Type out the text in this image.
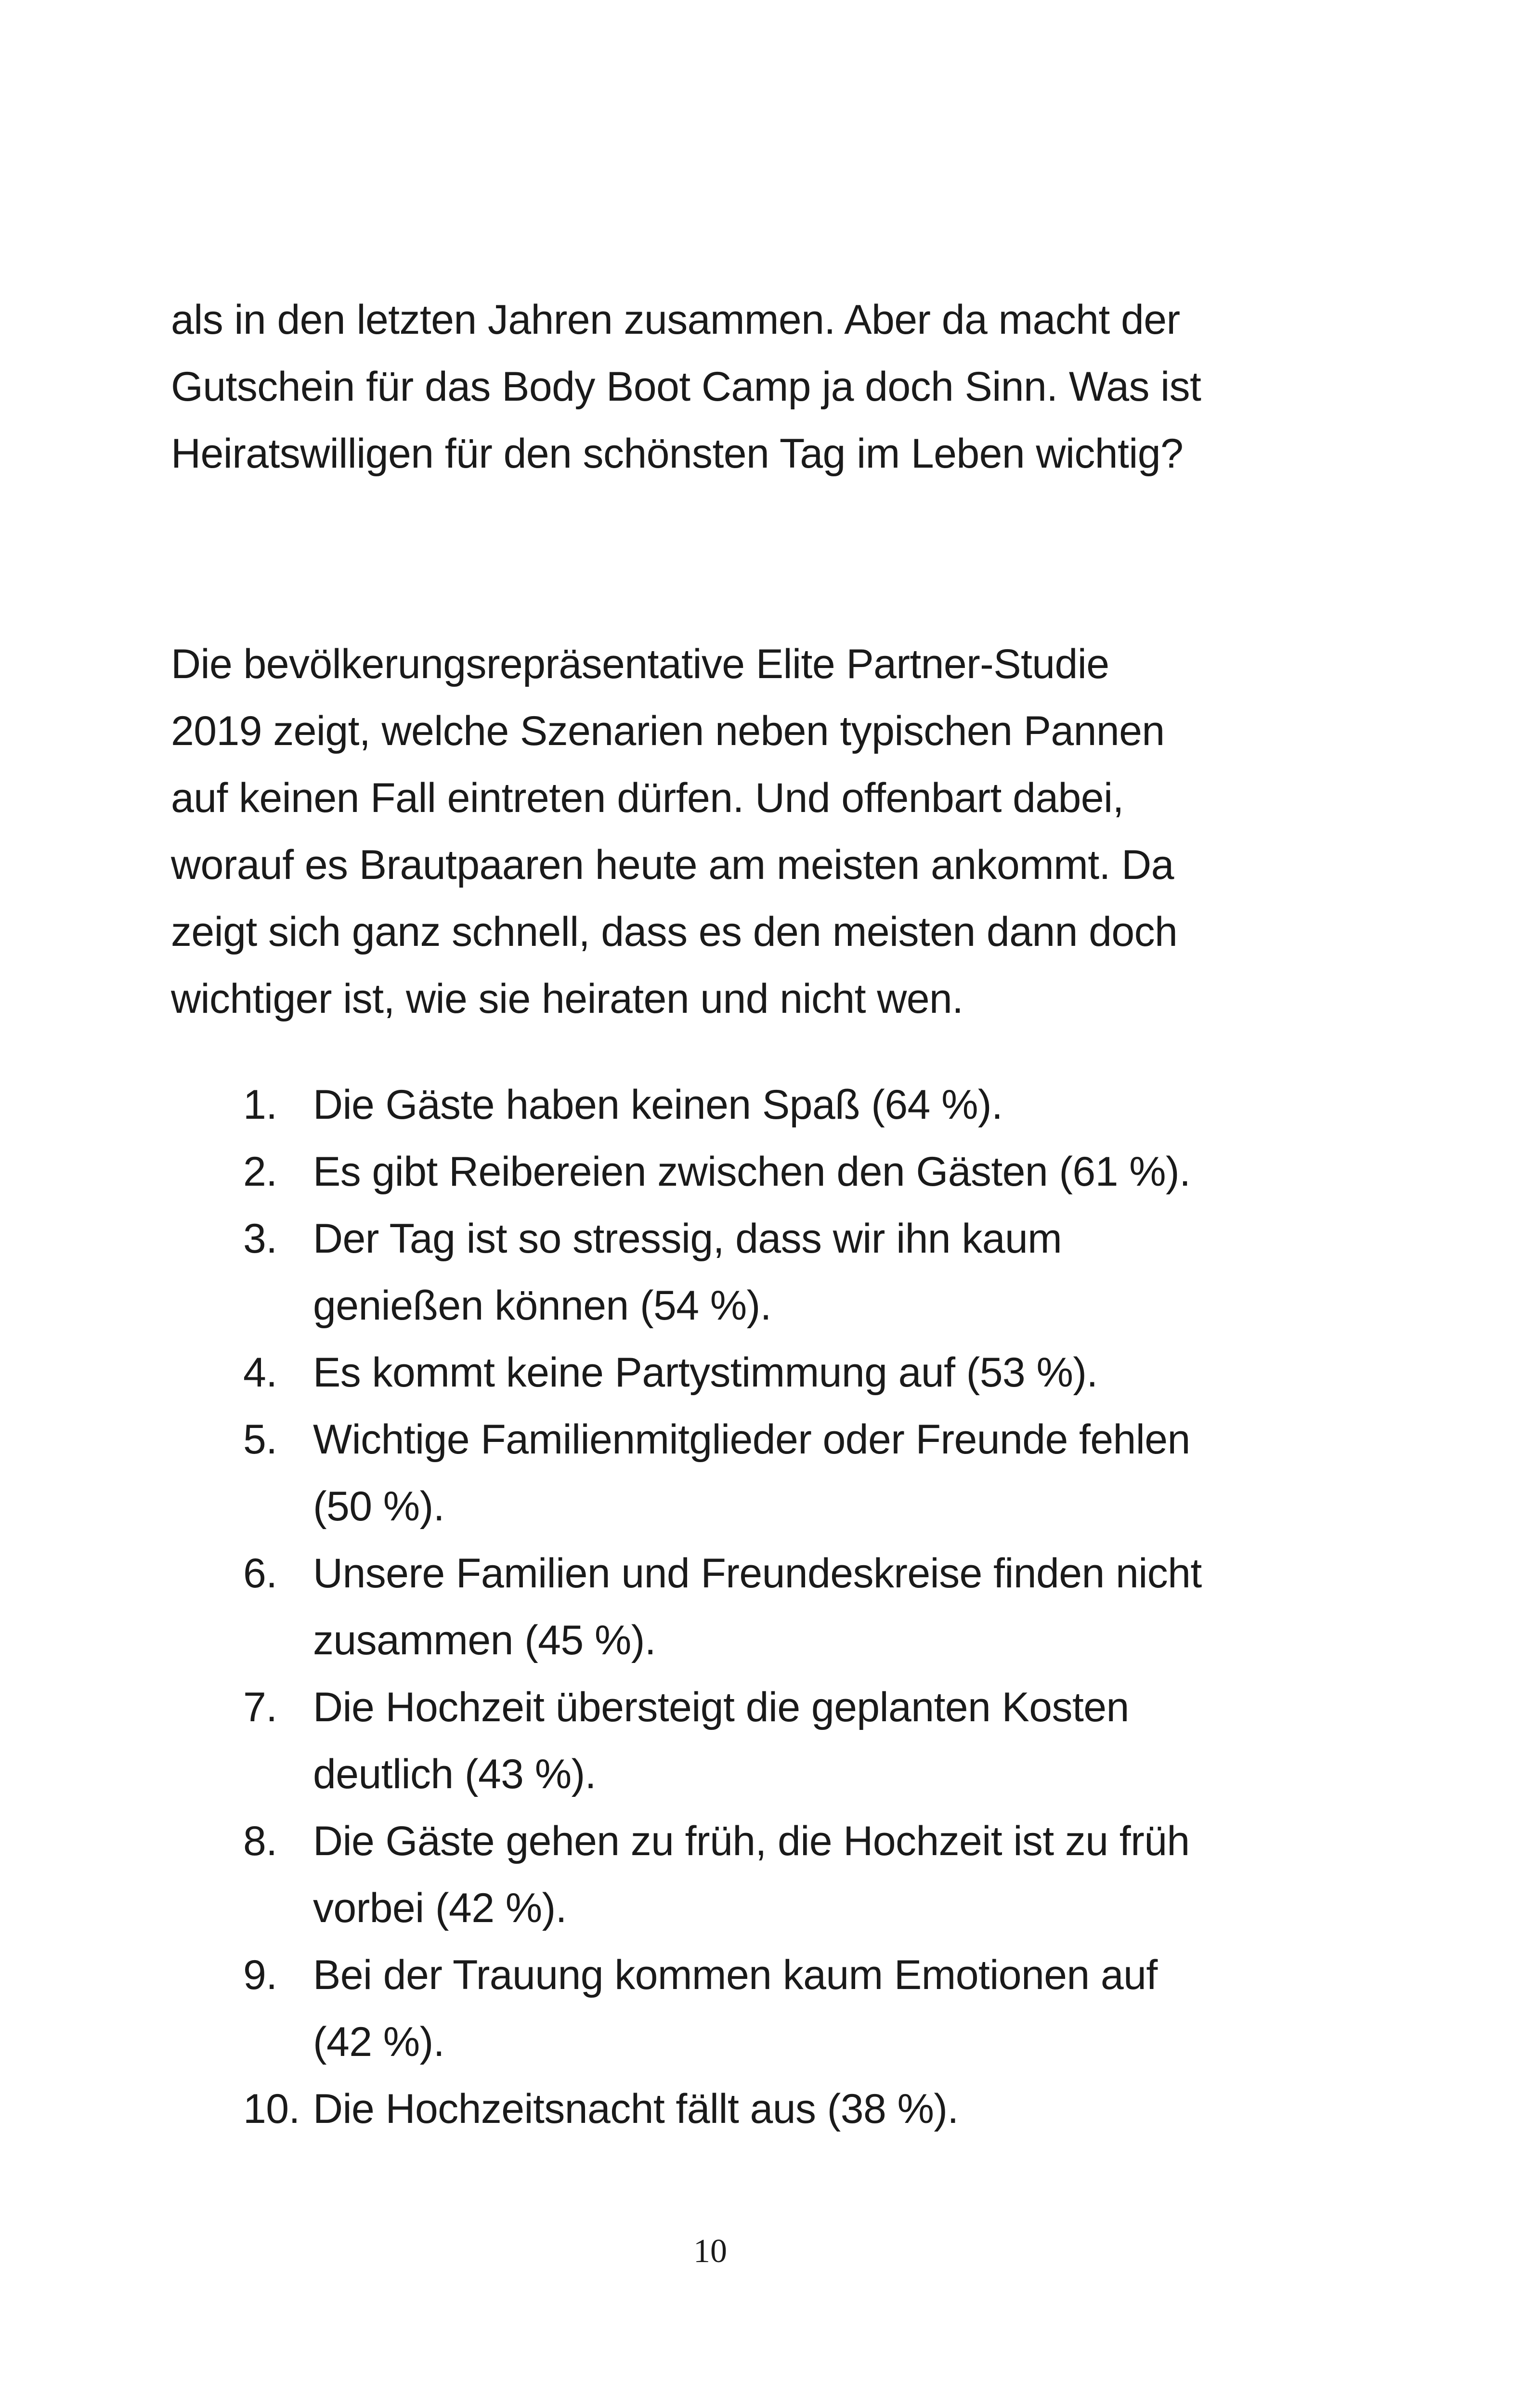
als in den letzten Jahren zusammen. Aber da macht der
Gutschein für das Body Boot Camp ja doch Sinn. Was ist
Heiratswilligen für den schönsten Tag im Leben wichtig?

Die bevölkerungsrepräsentative Elite Partner-Studie
2019 zeigt, welche Szenarien neben typischen Pannen
auf keinen Fall eintreten dürfen. Und offenbart dabei,
worauf es Brautpaaren heute am meisten ankommt. Da
zeigt sich ganz schnell, dass es den meisten dann doch
wichtiger ist, wie sie heiraten und nicht wen.

1. Die Gäste haben keinen Spaß (64 %).
2. Es gibt Reibereien zwischen den Gästen (61 %).
3. Der Tag ist so stressig, dass wir ihn kaum
genießen können (54 %).
4. Es kommt keine Partystimmung auf (53 %).
5. Wichtige Familienmitglieder oder Freunde fehlen
(50 %).
6. Unsere Familien und Freundeskreise finden nicht
zusammen (45 %).
7. Die Hochzeit übersteigt die geplanten Kosten
deutlich (43 %).
8. Die Gäste gehen zu früh, die Hochzeit ist zu früh
vorbei (42 %).
9. Bei der Trauung kommen kaum Emotionen auf
(42 %).
10. Die Hochzeitsnacht fällt aus (38 %).
10
